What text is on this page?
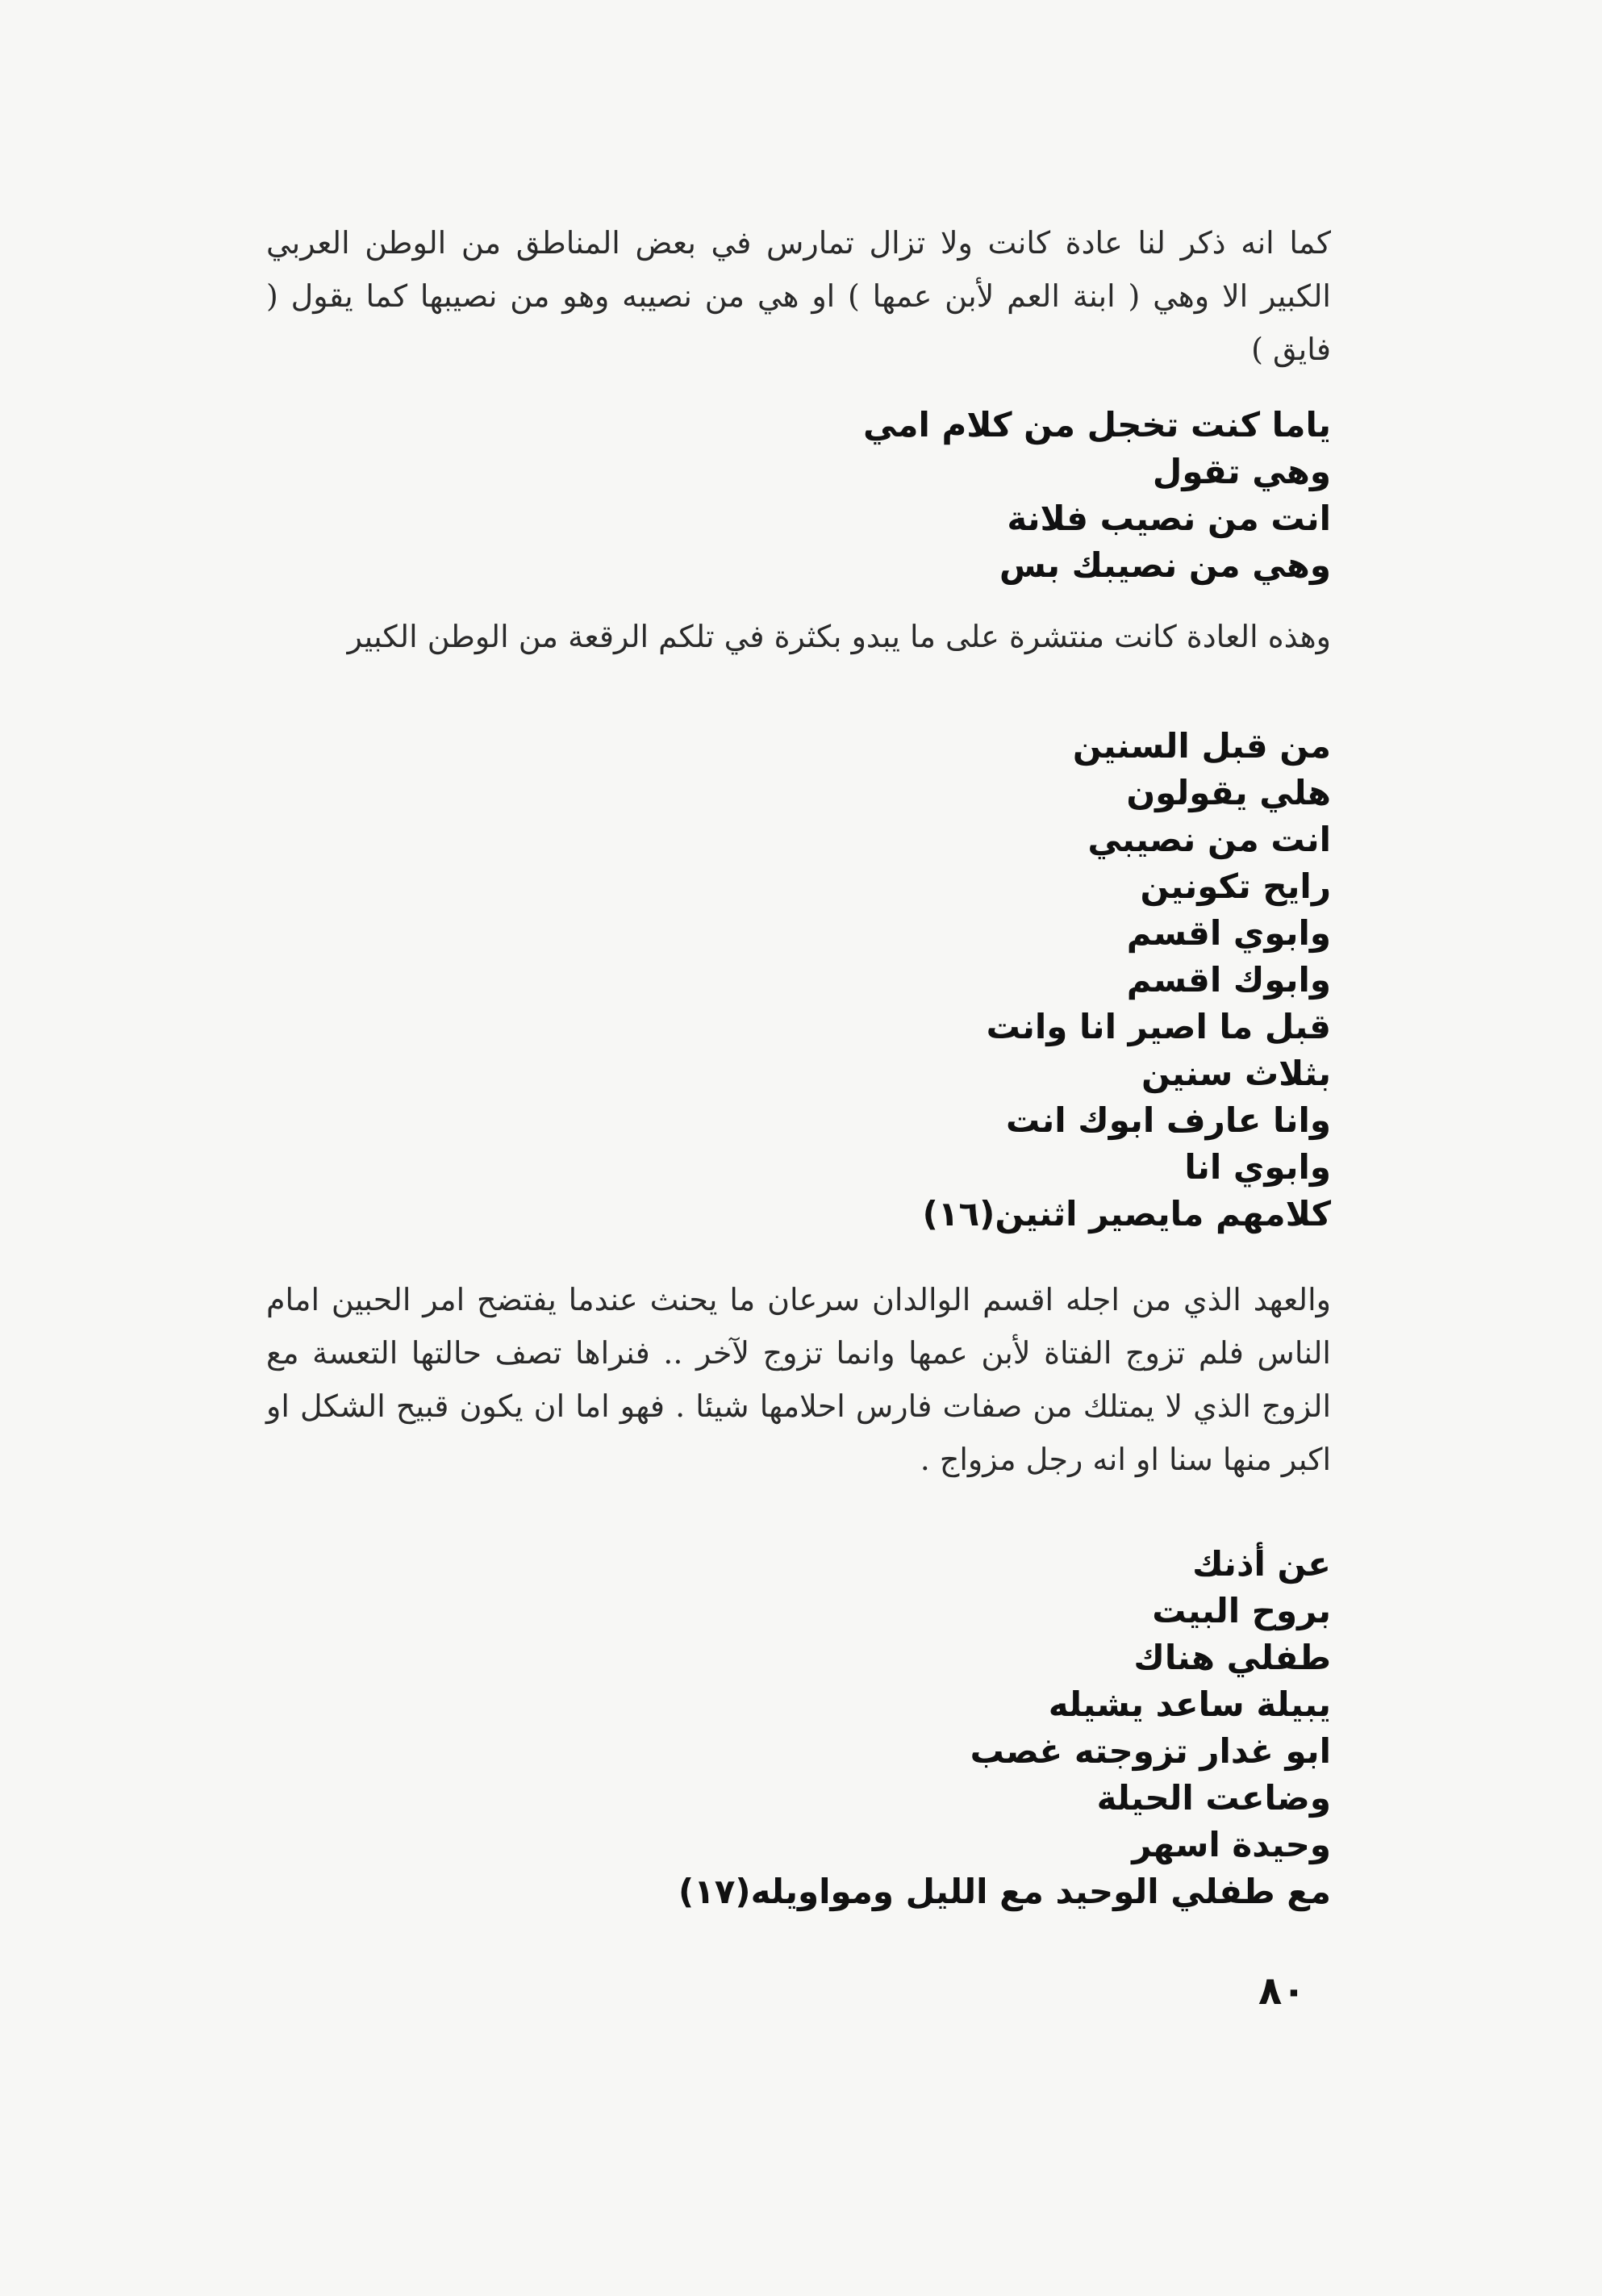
كما انه ذكر لنا عادة كانت ولا تزال تمارس في بعض المناطق من الوطن العربي الكبير الا وهي ( ابنة العم لأبن عمها ) او هي من نصيبه وهو من نصيبها كما يقول ( فايق )

ياما كنت تخجل من كلام امي
وهي تقول
انت من نصيب فلانة
وهي من نصيبك بس

وهذه العادة كانت منتشرة على ما يبدو بكثرة في تلكم الرقعة من الوطن الكبير

من قبل السنين
هلي يقولون
انت من نصيبي
رايح تكونين
وابوي اقسم
وابوك اقسم
قبل ما اصير انا وانت
بثلاث سنين
وانا عارف ابوك انت
وابوي انا
كلامهم مايصير اثنين(١٦)

والعهد الذي من اجله اقسم الوالدان سرعان ما يحنث عندما يفتضح امر الحبين امام الناس فلم تزوج الفتاة لأبن عمها وانما تزوج لآخر .. فنراها تصف حالتها التعسة مع الزوج الذي لا يمتلك من صفات فارس احلامها شيئا . فهو اما ان يكون قبيح الشكل او اكبر منها سنا او انه رجل مزواج .

عن أذنك
بروح البيت
طفلي هناك
يبيلة ساعد يشيله
ابو غدار تزوجته غصب
وضاعت الحيلة
وحيدة اسهر
مع طفلي الوحيد مع الليل ومواويله(١٧)
٨٠
